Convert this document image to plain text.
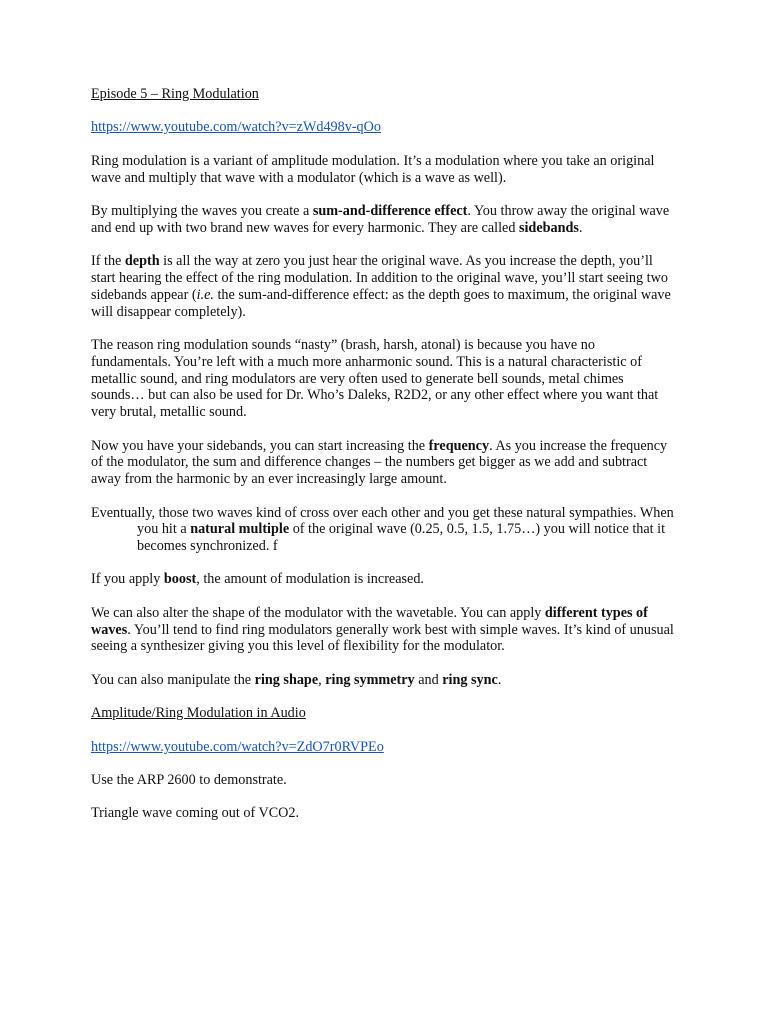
Episode 5 – Ring Modulation

https://www.youtube.com/watch?v=zWd498v-qOo

Ring modulation is a variant of amplitude modulation. It’s a modulation where you take an original wave and multiply that wave with a modulator (which is a wave as well).

By multiplying the waves you create a sum-and-difference effect. You throw away the original wave and end up with two brand new waves for every harmonic. They are called sidebands.

If the depth is all the way at zero you just hear the original wave. As you increase the depth, you’ll start hearing the effect of the ring modulation. In addition to the original wave, you’ll start seeing two sidebands appear (i.e. the sum-and-difference effect: as the depth goes to maximum, the original wave will disappear completely).

The reason ring modulation sounds “nasty” (brash, harsh, atonal) is because you have no fundamentals. You’re left with a much more anharmonic sound. This is a natural characteristic of metallic sound, and ring modulators are very often used to generate bell sounds, metal chimes sounds… but can also be used for Dr. Who’s Daleks, R2D2, or any other effect where you want that very brutal, metallic sound.

Now you have your sidebands, you can start increasing the frequency. As you increase the frequency of the modulator, the sum and difference changes – the numbers get bigger as we add and subtract away from the harmonic by an ever increasingly large amount.

Eventually, those two waves kind of cross over each other and you get these natural sympathies. When you hit a natural multiple of the original wave (0.25, 0.5, 1.5, 1.75…) you will notice that it becomes synchronized. f

If you apply boost, the amount of modulation is increased.

We can also alter the shape of the modulator with the wavetable. You can apply different types of waves. You’ll tend to find ring modulators generally work best with simple waves. It’s kind of unusual seeing a synthesizer giving you this level of flexibility for the modulator.

You can also manipulate the ring shape, ring symmetry and ring sync.

Amplitude/Ring Modulation in Audio

https://www.youtube.com/watch?v=ZdO7r0RVPEo

Use the ARP 2600 to demonstrate.

Triangle wave coming out of VCO2.
